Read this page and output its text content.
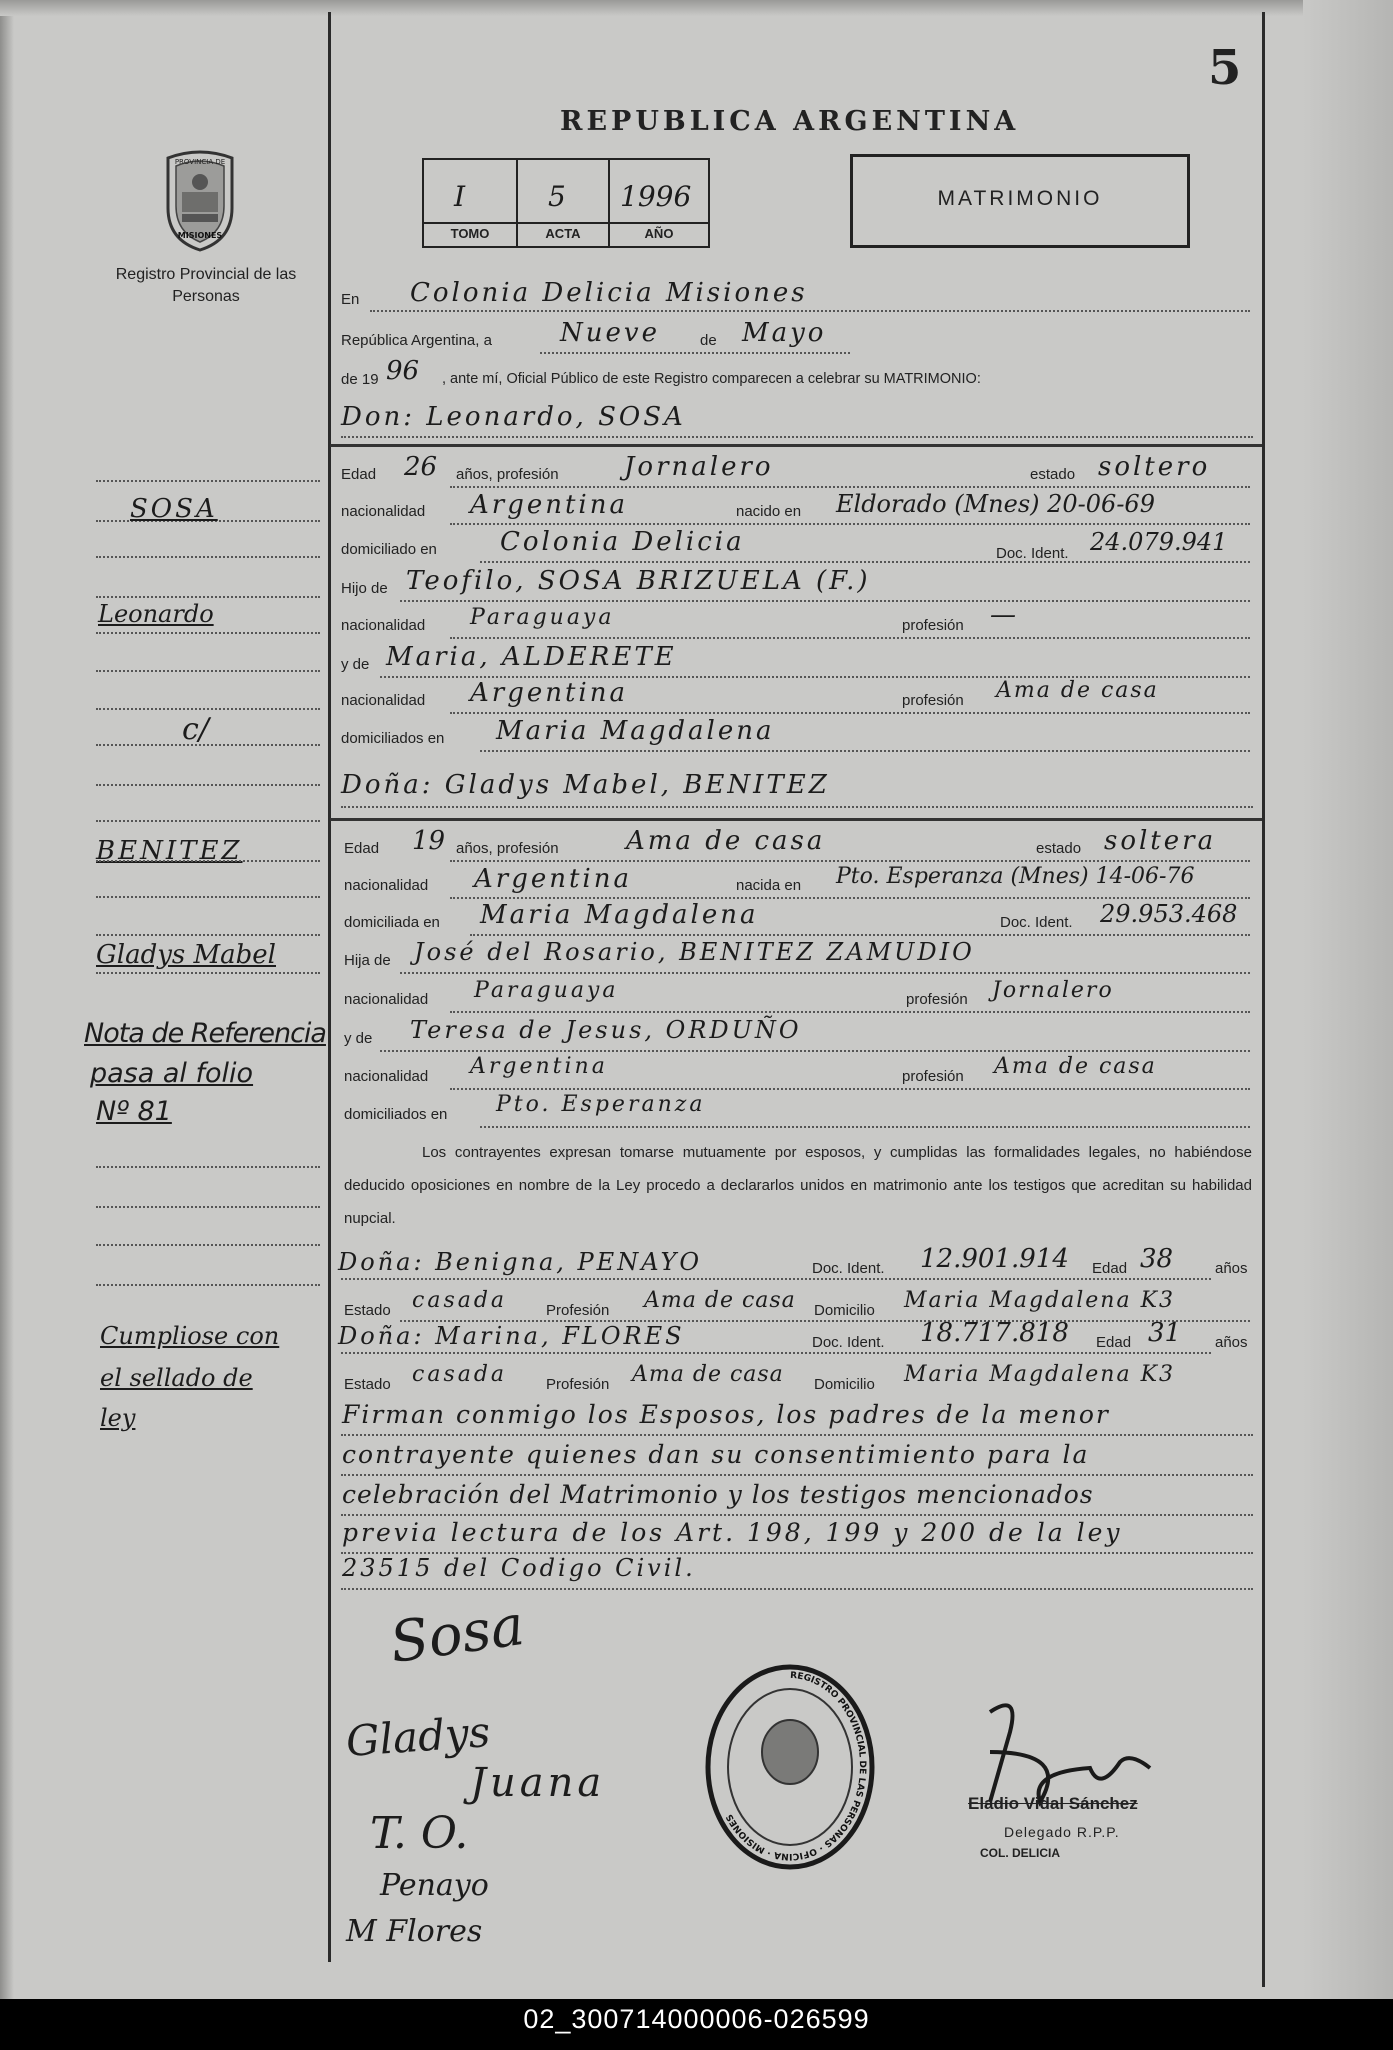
5
REPUBLICA ARGENTINA
PROVINCIA DE
MISIONES
Registro Provincial de las Personas
I	5 1996
TOMO	ACTA	AÑO
MATRIMONIO
En Colonia Delicia Misiones
República Argentina, a	Nueve	de Mayo
de 19 96 , ante mí, Oficial Público de este Registro comparecen a celebrar su MATRIMONIO:
Don: Leonardo, SOSA
Edad 26 años, profesión	Jornalero	estado soltero
nacionalidad Argentina	nacido en Eldorado (Mnes) 20-06-69
domiciliado en Colonia Delicia	Doc. Ident. 24.079.941
Hijo de Teofilo, SOSA BRIZUELA (F.)
nacionalidad Paraguaya	profesión —
y de Maria, ALDERETE
nacionalidad Argentina	profesión Ama de casa
domiciliados en Maria Magdalena
Doña: Gladys Mabel, BENITEZ
Edad 19 años, profesión	Ama de casa	estado soltera
nacionalidad Argentina	nacida en Pto. Esperanza (Mnes) 14-06-76
domiciliada en Maria Magdalena	Doc. Ident. 29.953.468
Hija de José del Rosario, BENITEZ ZAMUDIO
nacionalidad Paraguaya	profesión Jornalero
y de Teresa de Jesus, ORDUÑO
nacionalidad Argentina	profesión Ama de casa
domiciliados en Pto. Esperanza
Los contrayentes expresan tomarse mutuamente por esposos, y cumplidas las formalidades legales, no habiéndose deducido oposiciones en nombre de la Ley procedo a declararlos unidos en matrimonio ante los testigos que acreditan su habilidad nupcial.
Doña: Benigna, PENAYO	Doc. Ident. 12.901.914 Edad 38	años
Estado casada	Profesión Ama de casa Domicilio Maria Magdalena K3
Doña: Marina, FLORES	Doc. Ident. 18.717.818 Edad 31 años
Estado casada	Profesión Ama de casa Domicilio Maria Magdalena K3
Firman conmigo los Esposos, los padres de la menor
contrayente quienes dan su consentimiento para la
celebración del Matrimonio y los testigos mencionados
previa lectura de los Art. 198, 199 y 200 de la ley
23515 del Codigo Civil.
Sosa
Gladys
Juana
T. O.
Penayo
M Flores
REGISTRO PROVINCIAL DE LAS PERSONAS · OFICINA · MISIONES
Eladio Vidal Sánchez
Delegado R.P.P.
COL. DELICIA
SOSA
Leonardo
c/
BENITEZ
Gladys Mabel
Nota de Referencia
pasa al folio
Nº 81
Cumpliose con
el sellado de
ley
02_300714000006-026599
